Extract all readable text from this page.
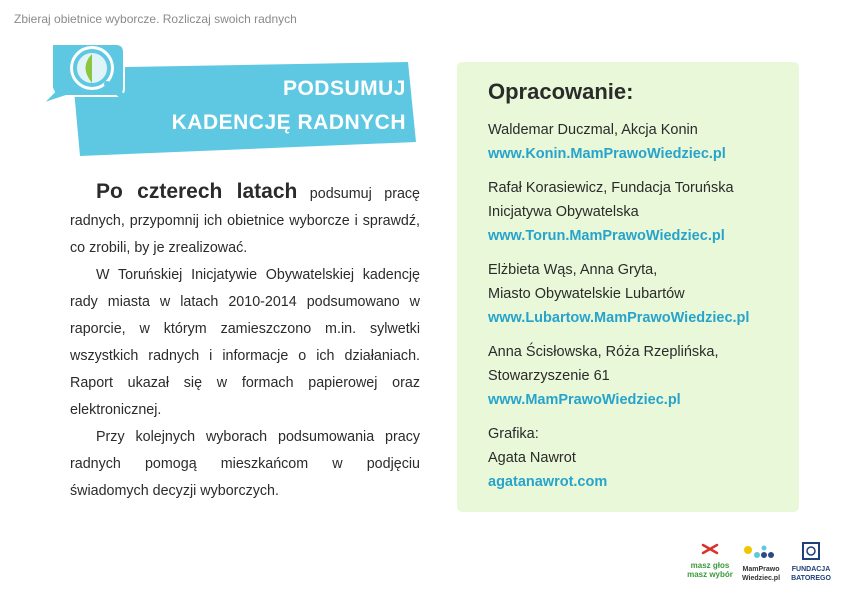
Zbieraj obietnice wyborcze. Rozliczaj swoich radnych
PODSUMUJ
KADENCJĘ RADNYCH

Po czterech latach podsumuj pracę radnych, przypomnij ich obietnice wyborcze i sprawdź, co zrobili, by je zrealizować.

W Toruńskiej Inicjatywie Obywatelskiej kadencję rady miasta w latach 2010-2014 podsumowano w raporcie, w którym zamieszczono m.in. sylwetki wszystkich radnych i informacje o ich działaniach. Raport ukazał się w formach papierowej oraz elektronicznej.

Przy kolejnych wyborach podsumowania pracy radnych pomogą mieszkańcom w podjęciu świadomych decyzji wyborczych.

Opracowanie:
Waldemar Duczmal, Akcja Konin
www.Konin.MamPrawoWiedziec.pl
Rafał Korasiewicz, Fundacja Toruńska
Inicjatywa Obywatelska
www.Torun.MamPrawoWiedziec.pl
Elżbieta Wąs, Anna Gryta,
Miasto Obywatelskie Lubartów
www.Lubartow.MamPrawoWiedziec.pl
Anna Ścisłowska, Róża Rzeplińska,
Stowarzyszenie 61
www.MamPrawoWiedziec.pl
Grafika:
Agata Nawrot
agatanawrot.com
masz głos
masz wybór
MamPrawo
Wiedziec.pl
FUNDACJA
BATOREGO
